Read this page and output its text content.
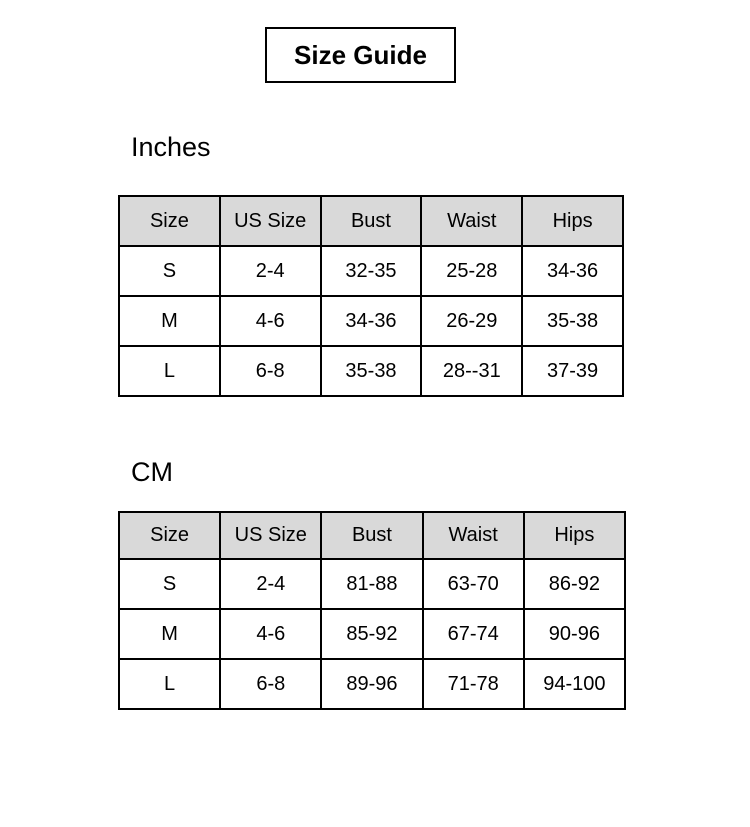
Size Guide
Inches
Size	US Size	Bust	Waist	Hips
S	2-4	32-35	25-28	34-36
M	4-6	34-36	26-29	35-38
L	6-8	35-38	28--31	37-39
CM
Size	US Size	Bust	Waist	Hips
S	2-4	81-88	63-70	86-92
M	4-6	85-92	67-74	90-96
L	6-8	89-96	71-78	94-100
